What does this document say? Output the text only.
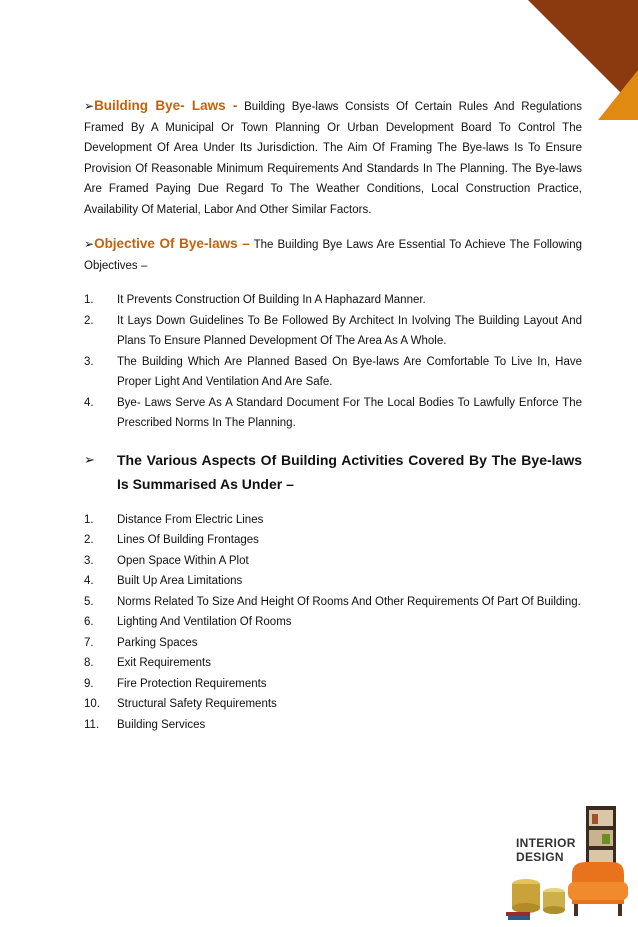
➢Building Bye- Laws - Building Bye-laws Consists Of Certain Rules And Regulations Framed By A Municipal Or Town Planning Or Urban Development Board To Control The Development Of Area Under Its Jurisdiction. The Aim Of Framing The Bye-laws Is To Ensure Provision Of Reasonable Minimum Requirements And Standards In The Planning. The Bye-laws Are Framed Paying Due Regard To The Weather Conditions, Local Construction Practice, Availability Of Material, Labor And Other Similar Factors.

➢Objective Of Bye-laws – The Building Bye Laws Are Essential To Achieve The Following Objectives –

1. It Prevents Construction Of Building In A Haphazard Manner.
2. It Lays Down Guidelines To Be Followed By Architect In Ivolving The Building Layout And Plans To Ensure Planned Development Of The Area As A Whole.
3. The Building Which Are Planned Based On Bye-laws Are Comfortable To Live In, Have Proper Light And Ventilation And Are Safe.
4. Bye- Laws Serve As A Standard Document For The Local Bodies To Lawfully Enforce The Prescribed Norms In The Planning.
➢ The Various Aspects Of Building Activities Covered By The Bye-laws Is Summarised As Under –
1. Distance From Electric Lines
2. Lines Of Building Frontages
3. Open Space Within A Plot
4. Built Up Area Limitations
5. Norms Related To Size And Height Of Rooms And Other Requirements Of Part Of Building.
6. Lighting And Ventilation Of Rooms
7. Parking Spaces
8. Exit Requirements
9. Fire Protection Requirements
10. Structural Safety Requirements
11. Building Services
INTERIOR
DESIGN
